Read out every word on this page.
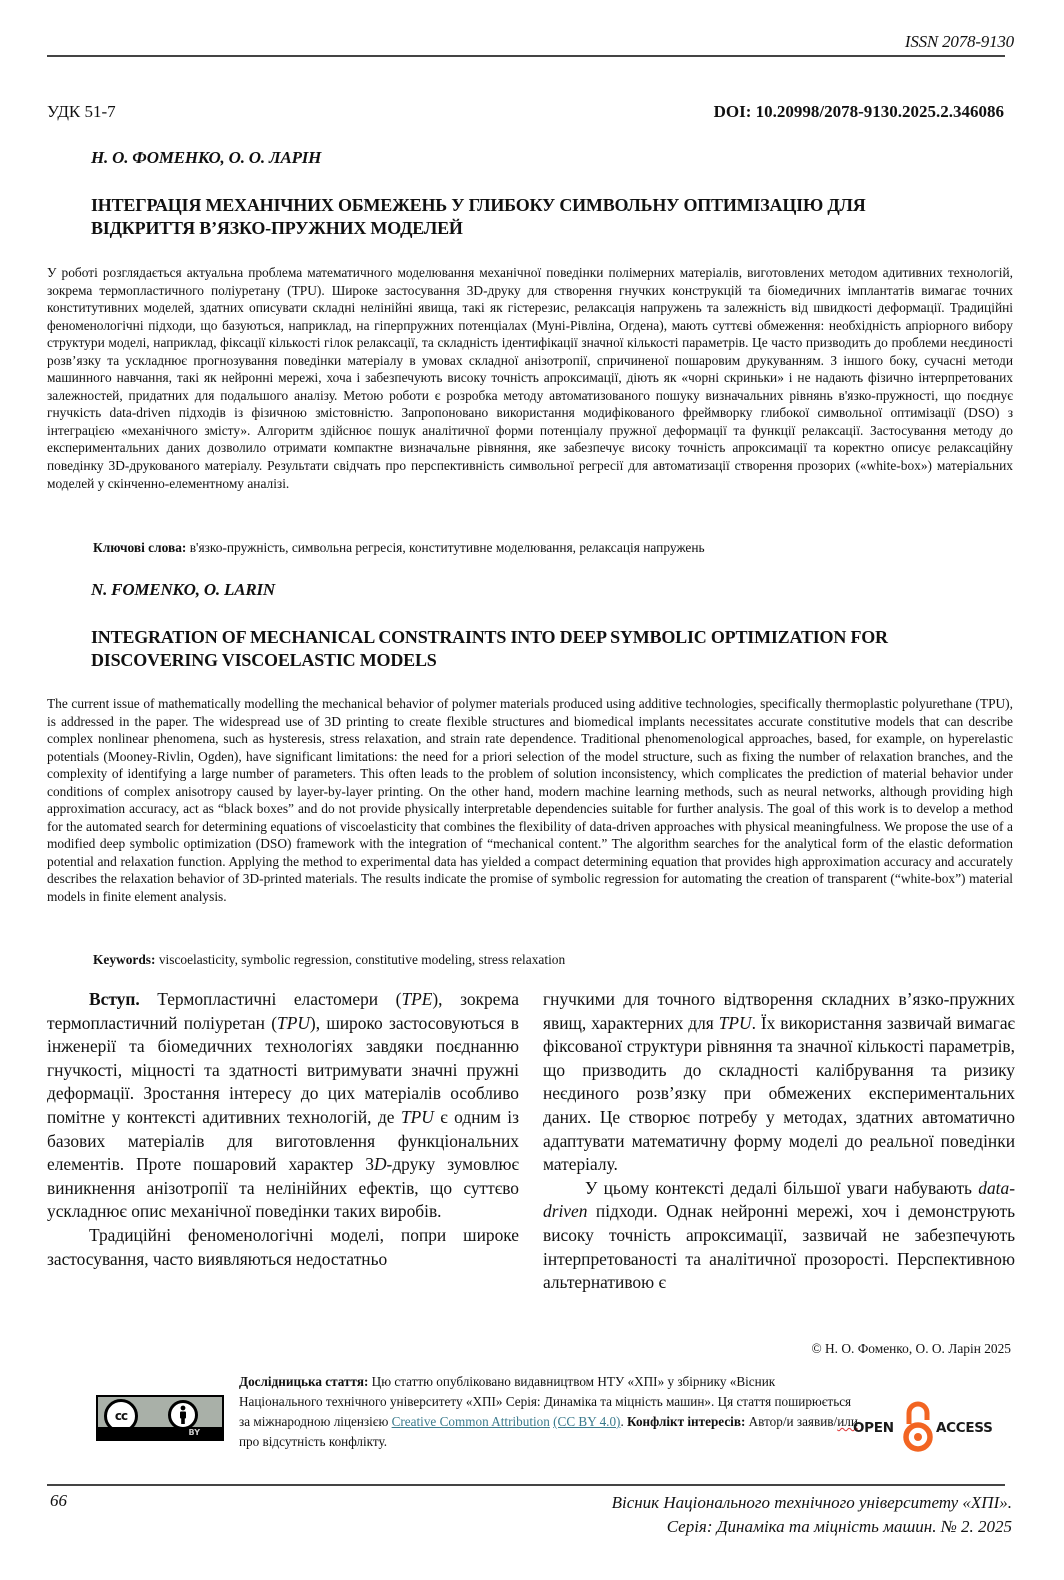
ISSN 2078-9130
УДК 51-7	DOI: 10.20998/2078-9130.2025.2.346086
Н. О. ФОМЕНКО, О. О. ЛАРІН
ІНТЕГРАЦІЯ МЕХАНІЧНИХ ОБМЕЖЕНЬ У ГЛИБОКУ СИМВОЛЬНУ ОПТИМІЗАЦІЮ ДЛЯ
ВІДКРИТТЯ В’ЯЗКО-ПРУЖНИХ МОДЕЛЕЙ
У роботі розглядається актуальна проблема математичного моделювання механічної поведінки полімерних матеріалів, виготовлених методом адитивних технологій, зокрема термопластичного поліуретану (TPU). Широке застосування 3D-друку для створення гнучких конструкцій та біомедичних імплантатів вимагає точних конститутивних моделей, здатних описувати складні нелінійні явища, такі як гістерезис, релаксація напружень та залежність від швидкості деформації. Традиційні феноменологічні підходи, що базуються, наприклад, на гіперпружних потенціалах (Муні-Рівліна, Огдена), мають суттєві обмеження: необхідність апріорного вибору структури моделі, наприклад, фіксації кількості гілок релаксації, та складність ідентифікації значної кількості параметрів. Це часто призводить до проблеми неєдиності розв’язку та ускладнює прогнозування поведінки матеріалу в умовах складної анізотропії, спричиненої пошаровим друкуванням. З іншого боку, сучасні методи машинного навчання, такі як нейронні мережі, хоча і забезпечують високу точність апроксимації, діють як «чорні скриньки» і не надають фізично інтерпретованих залежностей, придатних для подальшого аналізу. Метою роботи є розробка методу автоматизованого пошуку визначальних рівнянь в'язко-пружності, що поєднує гнучкість data-driven підходів із фізичною змістовністю. Запропоновано використання модифікованого фреймворку глибокої символьної оптимізації (DSO) з інтеграцією «механічного змісту». Алгоритм здійснює пошук аналітичної форми потенціалу пружної деформації та функції релаксації. Застосування методу до експериментальних даних дозволило отримати компактне визначальне рівняння, яке забезпечує високу точність апроксимації та коректно описує релаксаційну поведінку 3D-друкованого матеріалу. Результати свідчать про перспективність символьної регресії для автоматизації створення прозорих («white-box») матеріальних моделей у скінченно-елементному аналізі.
Ключові слова: в'язко-пружність, символьна регресія, конститутивне моделювання, релаксація напружень
N. FOMENKO, O. LARIN
INTEGRATION OF MECHANICAL CONSTRAINTS INTO DEEP SYMBOLIC OPTIMIZATION FOR
DISCOVERING VISCOELASTIC MODELS
The current issue of mathematically modelling the mechanical behavior of polymer materials produced using additive technologies, specifically thermoplastic polyurethane (TPU), is addressed in the paper. The widespread use of 3D printing to create flexible structures and biomedical implants necessitates accurate constitutive models that can describe complex nonlinear phenomena, such as hysteresis, stress relaxation, and strain rate dependence. Traditional phenomenological approaches, based, for example, on hyperelastic potentials (Mooney-Rivlin, Ogden), have significant limitations: the need for a priori selection of the model structure, such as fixing the number of relaxation branches, and the complexity of identifying a large number of parameters. This often leads to the problem of solution inconsistency, which complicates the prediction of material behavior under conditions of complex anisotropy caused by layer-by-layer printing. On the other hand, modern machine learning methods, such as neural networks, although providing high approximation accuracy, act as “black boxes” and do not provide physically interpretable dependencies suitable for further analysis. The goal of this work is to develop a method for the automated search for determining equations of viscoelasticity that combines the flexibility of data-driven approaches with physical meaningfulness. We propose the use of a modified deep symbolic optimization (DSO) framework with the integration of “mechanical content.” The algorithm searches for the analytical form of the elastic deformation potential and relaxation function. Applying the method to experimental data has yielded a compact determining equation that provides high approximation accuracy and accurately describes the relaxation behavior of 3D-printed materials. The results indicate the promise of symbolic regression for automating the creation of transparent (“white-box”) material models in finite element analysis.
Keywords: viscoelasticity, symbolic regression, constitutive modeling, stress relaxation

Вступ. Термопластичні еластомери (TPE), зокрема термопластичний поліуретан (TPU), широко застосовуються в інженерії та біомедичних технологіях завдяки поєднанню гнучкості, міцності та здатності витримувати значні пружні деформації. Зростання інтересу до цих матеріалів особливо помітне у контексті адитивних технологій, де TPU є одним із базових матеріалів для виготовлення функціональних елементів. Проте пошаровий характер 3D-друку зумовлює виникнення анізотропії та нелінійних ефектів, що суттєво ускладнює опис механічної поведінки таких виробів.

Традиційні феноменологічні моделі, попри широке застосування, часто виявляються недостатньо

гнучкими для точного відтворення складних в’язко-пружних явищ, характерних для TPU. Їх використання зазвичай вимагає фіксованої структури рівняння та значної кількості параметрів, що призводить до складності калібрування та ризику неєдиного розв’язку при обмежених експериментальних даних. Це створює потребу у методах, здатних автоматично адаптувати математичну форму моделі до реальної поведінки матеріалу.

У цьому контексті дедалі більшої уваги набувають data-driven підходи. Однак нейронні мережі, хоч і демонструють високу точність апроксимації, зазвичай не забезпечують інтерпретованості та аналітичної прозорості. Перспективною альтернативою є

© Н. О. Фоменко, О. О. Ларін 2025
cc
BY
Дослідницька стаття: Цю статтю опубліковано видавництвом НТУ «ХПІ» у збірнику «Вісник Національного технічного університету «ХПІ» Серія: Динаміка та міцність машин». Ця стаття поширюється за міжнародною ліцензією Creative Common Attribution (CC BY 4.0). Конфлікт інтересів: Автор/и заявив/или про відсутність конфлікту.
OPEN	ACCESS
66	Вісник Національного технічного університету «ХПІ».
Серія: Динаміка та міцність машин. № 2. 2025
